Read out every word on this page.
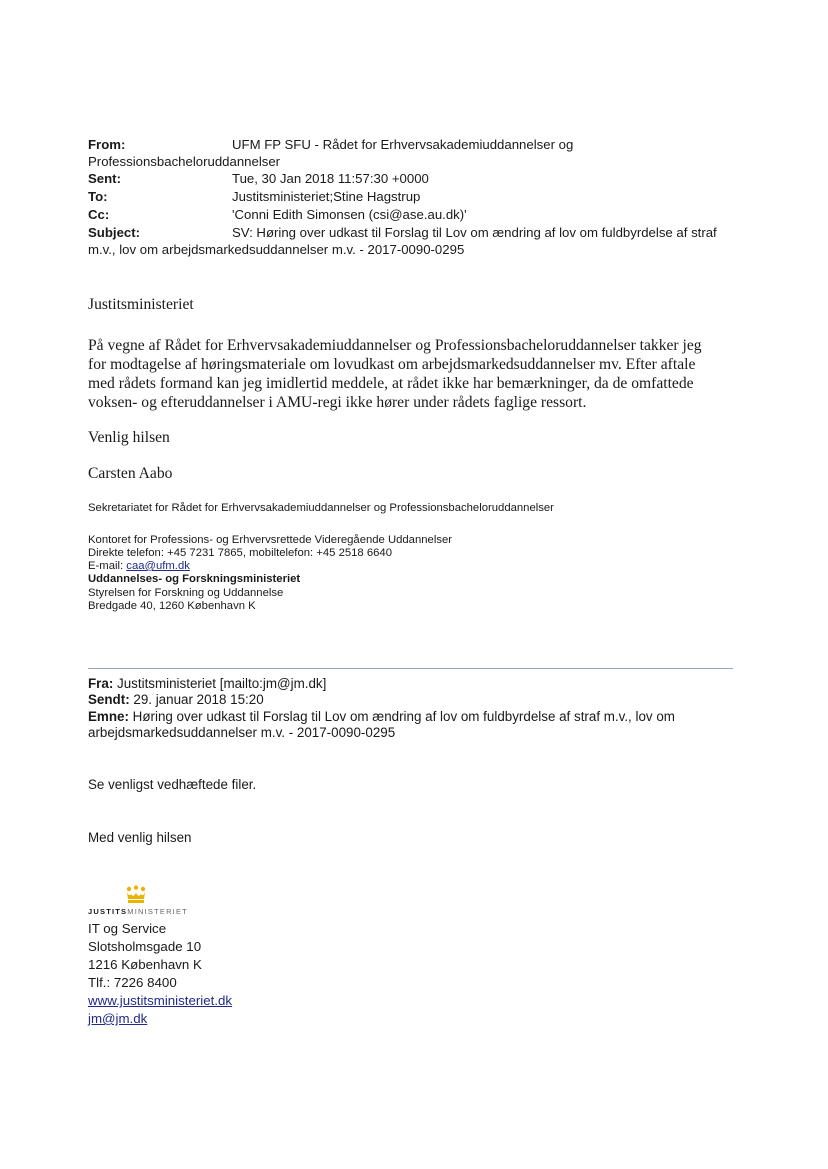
From:	UFM FP SFU - Rådet for Erhvervsakademiuddannelser og
Professionsbacheloruddannelser
Sent:	Tue, 30 Jan 2018 11:57:30 +0000
To:	Justitsministeriet;Stine Hagstrup
Cc:	'Conni Edith Simonsen (csi@ase.au.dk)'
Subject:	SV: Høring over udkast til Forslag til Lov om ændring af lov om fuldbyrdelse af straf
m.v., lov om arbejdsmarkedsuddannelser m.v. - 2017-0090-0295
Justitsministeriet
På vegne af Rådet for Erhvervsakademiuddannelser og Professionsbacheloruddannelser takker jeg
for modtagelse af høringsmateriale om lovudkast om arbejdsmarkedsuddannelser mv. Efter aftale
med rådets formand kan jeg imidlertid meddele, at rådet ikke har bemærkninger, da de omfattede
voksen- og efteruddannelser i AMU-regi ikke hører under rådets faglige ressort.
Venlig hilsen
Carsten Aabo
Sekretariatet for Rådet for Erhvervsakademiuddannelser og Professionsbacheloruddannelser
Kontoret for Professions- og Erhvervsrettede Videregående Uddannelser
Direkte telefon: +45 7231 7865, mobiltelefon: +45 2518 6640
E-mail: caa@ufm.dk
Uddannelses- og Forskningsministeriet
Styrelsen for Forskning og Uddannelse
Bredgade 40, 1260 København K
Fra: Justitsministeriet [mailto:jm@jm.dk]
Sendt: 29. januar 2018 15:20
Emne: Høring over udkast til Forslag til Lov om ændring af lov om fuldbyrdelse af straf m.v., lov om
arbejdsmarkedsuddannelser m.v. - 2017-0090-0295
Se venligst vedhæftede filer.
Med venlig hilsen
JUSTITSMINISTERIET
IT og Service
Slotsholmsgade 10
1216 København K
Tlf.: 7226 8400
www.justitsministeriet.dk
jm@jm.dk
